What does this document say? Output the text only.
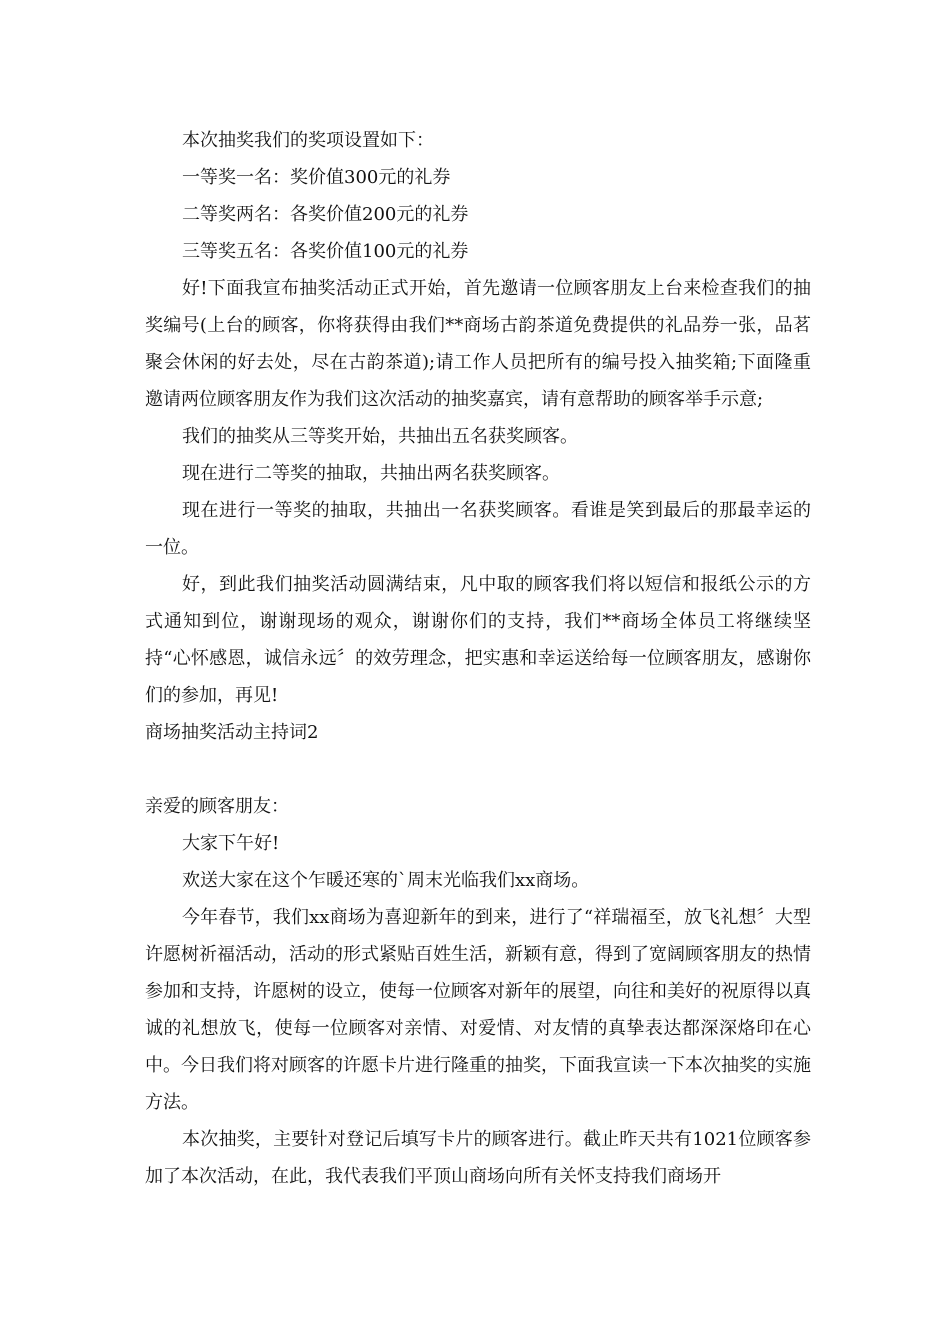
本次抽奖我们的奖项设置如下：

一等奖一名：奖价值300元的礼券

二等奖两名：各奖价值200元的礼券

三等奖五名：各奖价值100元的礼券

好!下面我宣布抽奖活动正式开始，首先邀请一位顾客朋友上台来检查我们的抽奖编号(上台的顾客，你将获得由我们**商场古韵茶道免费提供的礼品券一张，品茗聚会休闲的好去处，尽在古韵茶道);请工作人员把所有的编号投入抽奖箱;下面隆重邀请两位顾客朋友作为我们这次活动的抽奖嘉宾，请有意帮助的顾客举手示意;

我们的抽奖从三等奖开始，共抽出五名获奖顾客。

现在进行二等奖的抽取，共抽出两名获奖顾客。

现在进行一等奖的抽取，共抽出一名获奖顾客。看谁是笑到最后的那最幸运的一位。

好，到此我们抽奖活动圆满结束，凡中取的顾客我们将以短信和报纸公示的方式通知到位，谢谢现场的观众，谢谢你们的支持，我们**商场全体员工将继续坚持“心怀感恩，诚信永远〞的效劳理念，把实惠和幸运送给每一位顾客朋友，感谢你们的参加，再见!

商场抽奖活动主持词2

亲爱的顾客朋友：

大家下午好!

欢送大家在这个乍暖还寒的`周末光临我们xx商场。

今年春节，我们xx商场为喜迎新年的到来，进行了“祥瑞福至，放飞礼想〞大型许愿树祈福活动，活动的形式紧贴百姓生活，新颖有意，得到了宽阔顾客朋友的热情参加和支持，许愿树的设立，使每一位顾客对新年的展望，向往和美好的祝原得以真诚的礼想放飞，使每一位顾客对亲情、对爱情、对友情的真挚表达都深深烙印在心中。今日我们将对顾客的许愿卡片进行隆重的抽奖，下面我宣读一下本次抽奖的实施方法。

本次抽奖，主要针对登记后填写卡片的顾客进行。截止昨天共有1021位顾客参加了本次活动，在此，我代表我们平顶山商场向所有关怀支持我们商场开
